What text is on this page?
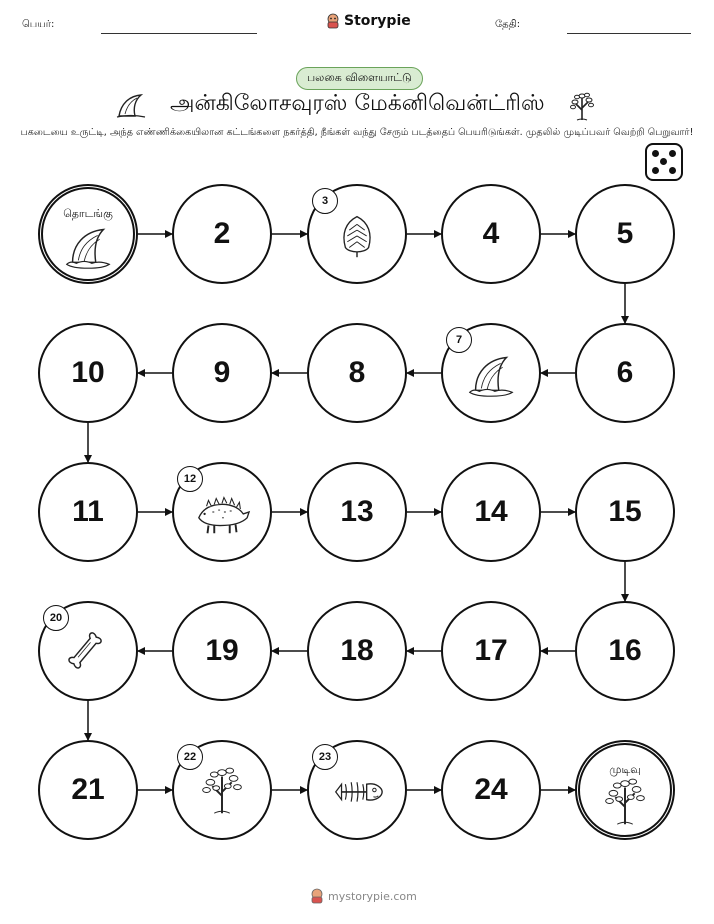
பெயர்:	Storypie	தேதி:
பலகை விளையாட்டு
அன்கிலோசவுரஸ் மேக்னிவென்ட்ரிஸ்
பகடையை உருட்டி, அந்த எண்ணிக்கையிலான கட்டங்களை நகர்த்தி, நீங்கள் வந்து சேரும் படத்தைப் பெயரிடுங்கள். முதலில் முடிப்பவர் வெற்றி பெறுவார்!
தொடங்கு
2
3
4	5
6
7
8
9
10
11
12
13	14	15
16
17
18
19
20
21
22	23
24
முடிவு
mystorypie.com
